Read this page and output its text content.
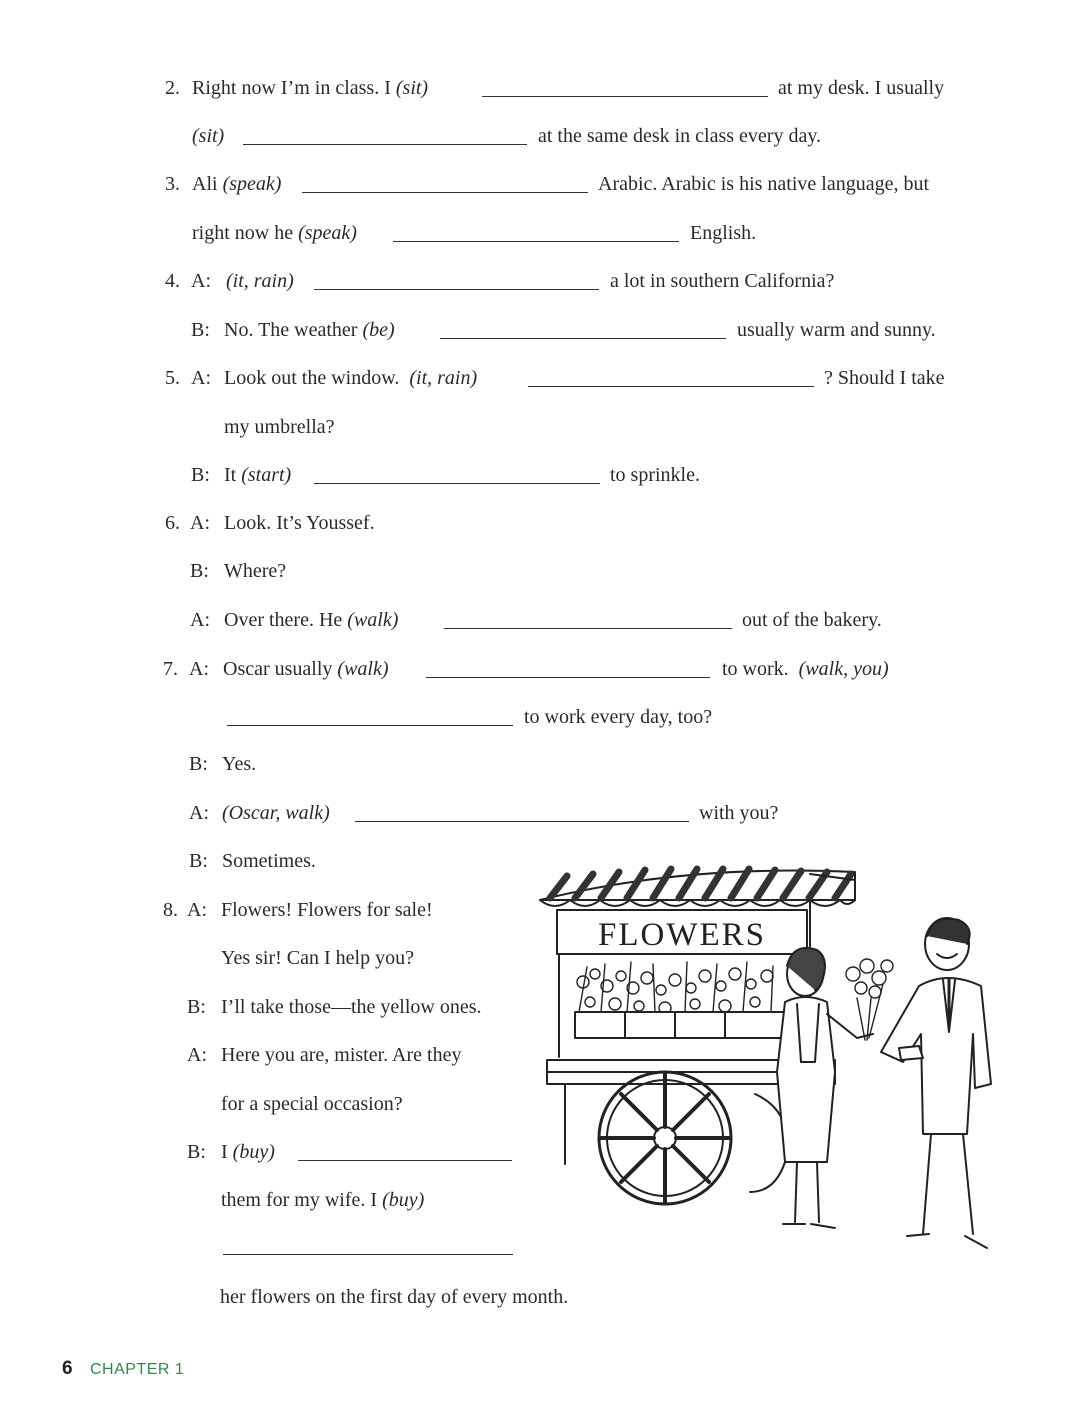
2. Right now I’m in class. I (sit)	at my desk. I usually
(sit)	at the same desk in class every day.
3. Ali (speak)	Arabic. Arabic is his native language, but
right now he (speak)	English.
4. A: (it, rain)	a lot in southern California?
B: No. The weather (be)	usually warm and sunny.
5. A: Look out the window. (it, rain)	? Should I take
my umbrella?
B: It (start)	to sprinkle.
6. A: Look. It’s Youssef.
B: Where?
A: Over there. He (walk)	out of the bakery.
7. A: Oscar usually (walk)	to work. (walk, you)
to work every day, too?
B: Yes.
A: (Oscar, walk)	with you?
B: Sometimes.
8. A: Flowers! Flowers for sale!
Yes sir! Can I help you?
B: I’ll take those—the yellow ones.
A: Here you are, mister. Are they
for a special occasion?
B: I (buy)
them for my wife. I (buy)
her flowers on the first day of every month.
FLOWERS
6 CHAPTER 1
